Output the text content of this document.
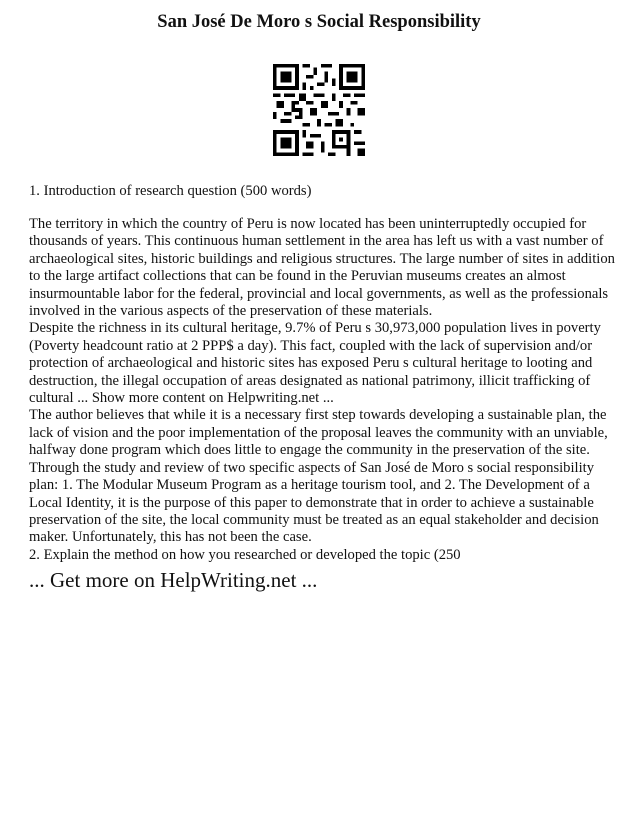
San José De Moro s Social Responsibility
1. Introduction of research question (500 words)

The territory in which the country of Peru is now located has been uninterruptedly occupied for thousands of years. This continuous human settlement in the area has left us with a vast number of archaeological sites, historic buildings and religious structures. The large number of sites in addition to the large artifact collections that can be found in the Peruvian museums creates an almost insurmountable labor for the federal, provincial and local governments, as well as the professionals involved in the various aspects of the preservation of these materials.

Despite the richness in its cultural heritage, 9.7% of Peru s 30,973,000 population lives in poverty (Poverty headcount ratio at 2 PPP$ a day). This fact, coupled with the lack of supervision and/or protection of archaeological and historic sites has exposed Peru s cultural heritage to looting and destruction, the illegal occupation of areas designated as national patrimony, illicit trafficking of cultural ... Show more content on Helpwriting.net ...

The author believes that while it is a necessary first step towards developing a sustainable plan, the lack of vision and the poor implementation of the proposal leaves the community with an unviable, halfway done program which does little to engage the community in the preservation of the site. Through the study and review of two specific aspects of San José de Moro s social responsibility plan: 1. The Modular Museum Program as a heritage tourism tool, and 2. The Development of a Local Identity, it is the purpose of this paper to demonstrate that in order to achieve a sustainable preservation of the site, the local community must be treated as an equal stakeholder and decision maker. Unfortunately, this has not been the case.

2. Explain the method on how you researched or developed the topic (250

... Get more on HelpWriting.net ...
